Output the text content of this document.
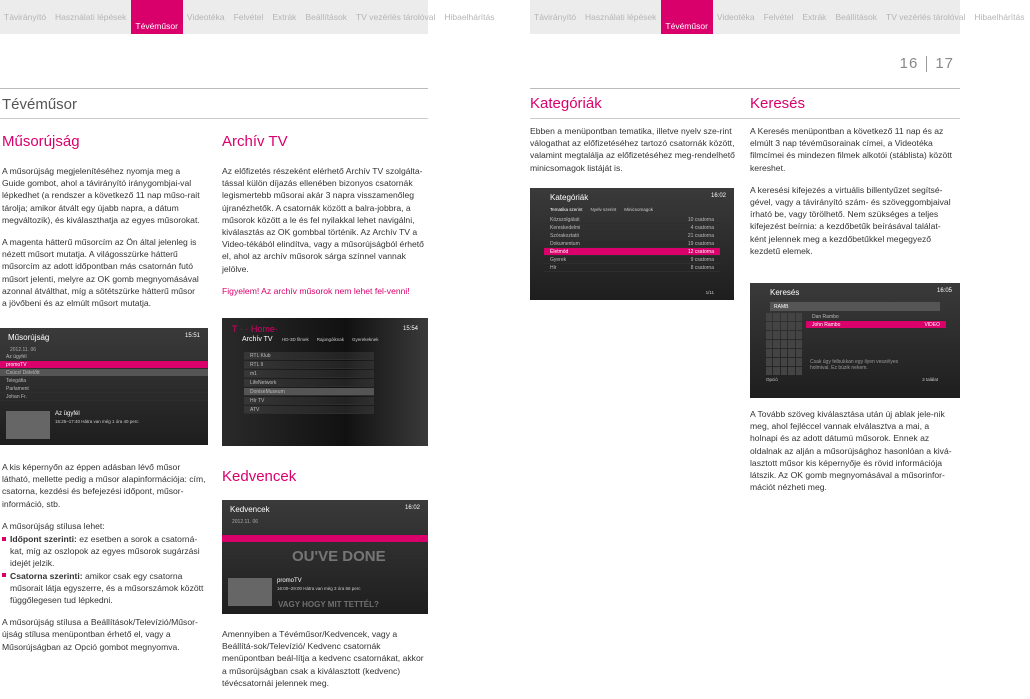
Távirányító	Használati lépések
Tévéműsor
Videotéka	Felvétel	Extrák	Beállítások	TV vezérlés tárolóval	Hibaelhárítás	Távirányító	Használati lépések
Tévéműsor
Videotéka	Felvétel	Extrák	Beállítások	TV vezérlés tárolóval	Hibaelhárítás
16 17
Tévéműsor
Műsorújság

A műsorújság megjelenítéséhez nyomja meg a Guide gombot, ahol a távirányító iránygombjai-val lépkedhet (a rendszer a következő 11 nap műso-rait tárolja; amikor átvált egy újabb napra, a dátum megváltozik), és kiválaszthatja az egyes műsorokat.

A magenta hátterű műsorcím az Ön által jelenleg is nézett műsort mutatja. A világosszürke hátterű műsorcím az adott időpontban más csatornán futó műsort jelenti, melyre az OK gomb megnyomásával azonnal átválthat, míg a sötétszürke hátterű műsor a jövőbeni és az elmúlt műsort mutatja.

Archív TV

Az előfizetés részeként elérhető Archív TV szolgálta-tással külön díjazás ellenében bizonyos csatornák legismertebb műsorai akár 3 napra visszamenőleg újranézhetők. A csatornák között a balra-jobbra, a műsorok között a le és fel nyilakkal lehet navigálni, kiválasztás az OK gombbal történik. Az Archív TV a Video-tékából elindítva, vagy a műsorújságból érhető el, ahol az archív műsorok sárga színnel vannak jelölve.

Figyelem! Az archív műsorok nem lehet fel-venni!

Műsorújság	15:51
2012.11. 06
Az ügyfél
promoTV
Csúcs! Délelőtt
Telegáfia
Parlament
Johan Fr.
Az ügyfél
15:25–17:40 Hátra van még 1 óra 40 perc
T · · Home·	15:54
Archív TV HD-3D filmek Rajongóiknak Gyerekeknek
RTL Klub
RTL II
m1
LifeNetwork
DoniseMuseum
Hír TV
ATV

A kis képernyőn az éppen adásban lévő műsor látható, mellette pedig a műsor alapinformációja: cím, csatorna, kezdési és befejezési időpont, műsor-információ, stb.

A műsorújság stílusa lehet:

Időpont szerinti: ez esetben a sorok a csatorná-kat, míg az oszlopok az egyes műsorok sugárzási idejét jelzik.
Csatorna szerinti: amikor csak egy csatorna műsorait látja egyszerre, és a műsorszámok között függőlegesen tud lépkedni.

A műsorújság stílusa a Beállítások/Televízió/Műsor-újság stílusa menüpontban érhető el, vagy a Műsorújságban az Opció gombot megnyomva.

Kedvencek
Kedvencek	16:02
2012.11. 06
OU'VE DONE
promoTV
16:00–29:00 Hátra van még 3 óra 56 perc
VAGY HOGY MIT TETTÉL?

Amennyiben a Tévéműsor/Kedvencek, vagy a Beállítá-sok/Televízió/ Kedvenc csatornák menüpontban beál-lítja a kedvenc csatornákat, akkor a műsorújságban csak a kiválasztott (kedvenc) tévécsatornái jelennek meg.

Kategóriák	Keresés

Ebben a menüpontban tematika, illetve nyelv sze-rint válogathat az előfizetéséhez tartozó csatornák között, valamint megtalálja az előfizetéséhez meg-rendelhető minicsomagok listáját is.

Kategóriák	16:02
Tematika szerint Nyelv szerint Minicsomagok
Közszolgálati	10 csatorna
Kereskedelmi	4 csatorna
Szórakoztató	21 csatorna
Dokumentum	19 csatorna
Életmód	12 csatorna
Gyerek	9 csatorna
Hír	8 csatorna
1/11

A Keresés menüpontban a következő 11 nap és az elmúlt 3 nap tévéműsorainak címei, a Videotéka filmcímei és mindezen filmek alkotói (stáblista) között kereshet.

A keresési kifejezés a virtuális billentyűzet segítsé-gével, vagy a távirányító szám- és szöveggombjaival írható be, vagy törölhető. Nem szükséges a teljes kifejezést beírnia: a kezdőbetűk beírásával találat-ként jelennek meg a kezdőbetűkkel megegyező kezdetű elemek.

Keresés	16:05
RAMB
Dan Rambo
John Rambo	VIDEO
Csak úgy felbukkan egy ilyen veszélyes holmival. Ez búzik nekem.
Opció	2 találat

A Tovább szöveg kiválasztása után új ablak jele-nik meg, ahol fejléccel vannak elválasztva a mai, a holnapi és az adott dátumú műsorok. Ennek az oldalnak az alján a műsorújsághoz hasonlóan a kivá-lasztott műsor kis képernyője és rövid információja látszik. Az OK gomb megnyomásával a műsorinfor-mációt nézheti meg.
